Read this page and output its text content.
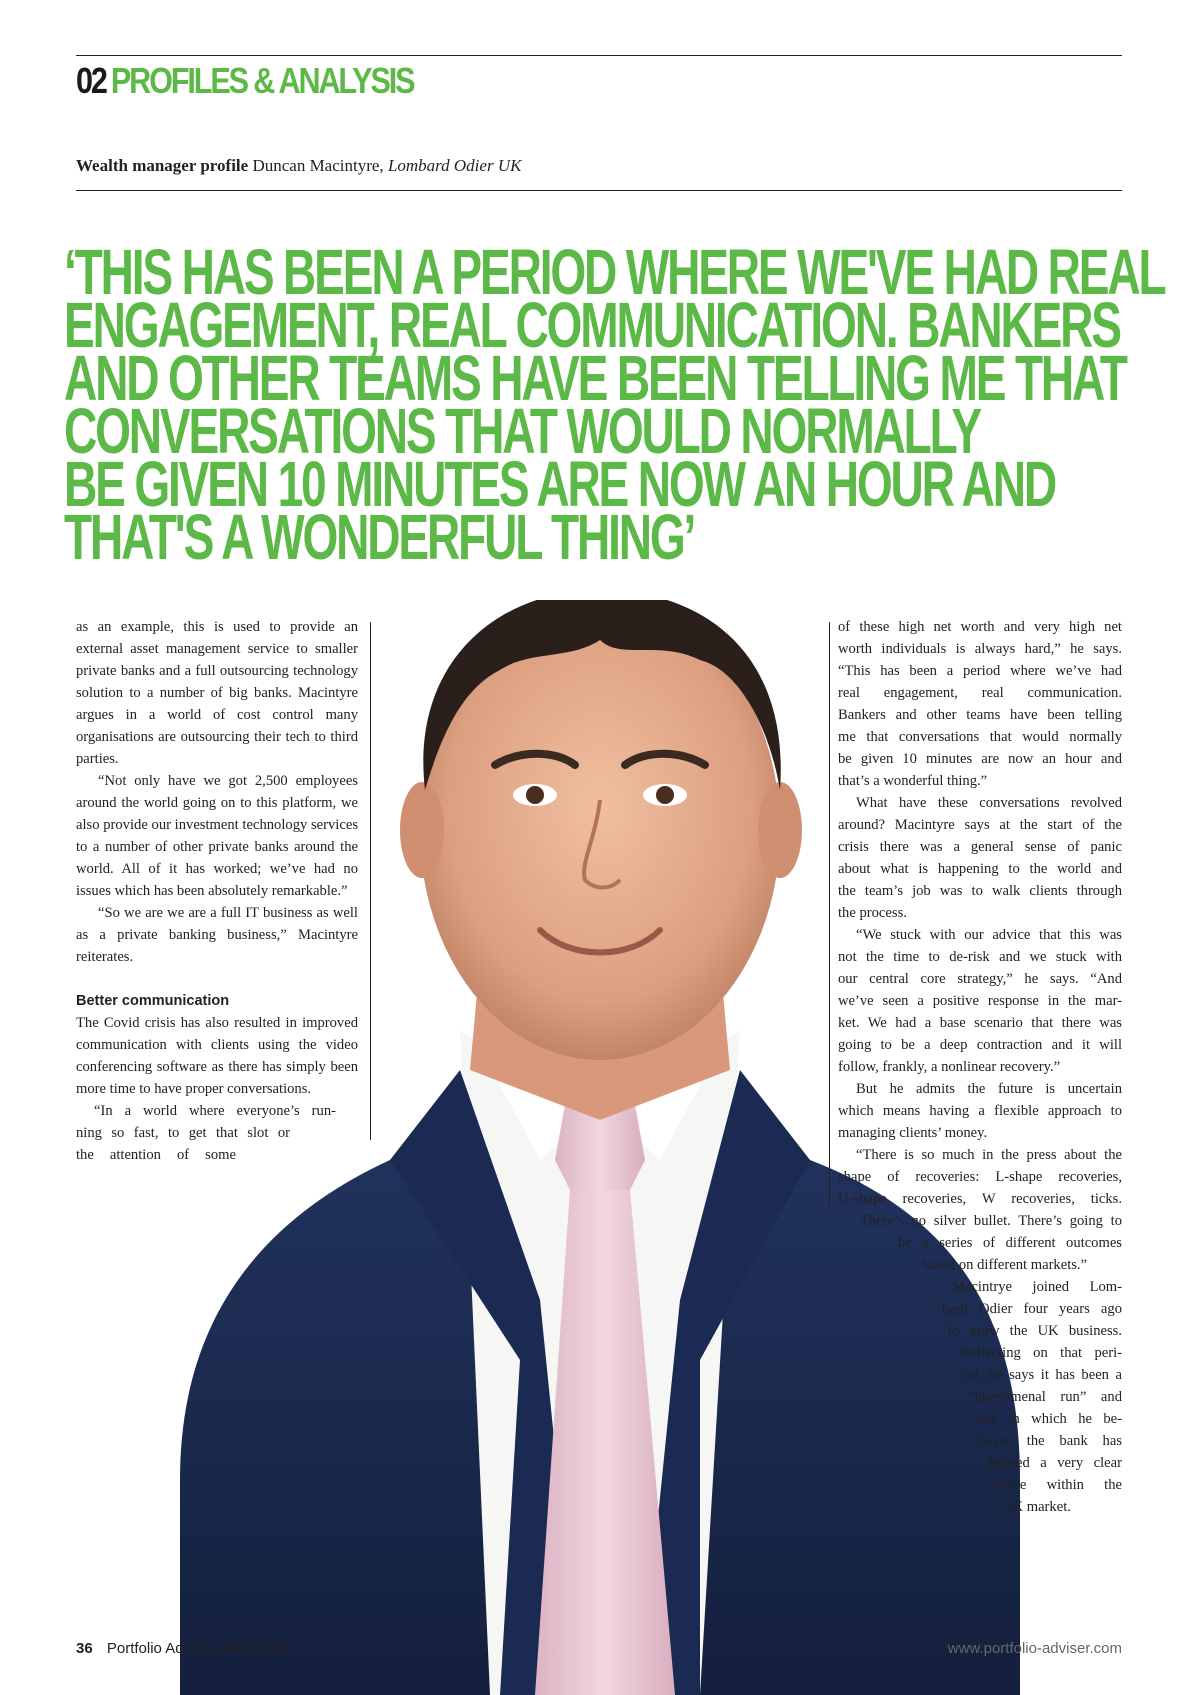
02 PROFILES & ANALYSIS
Wealth manager profile Duncan Macintyre, Lombard Odier UK
‘THIS HAS BEEN A PERIOD WHERE WE'VE HAD REAL
ENGAGEMENT, REAL COMMUNICATION. BANKERS
AND OTHER TEAMS HAVE BEEN TELLING ME THAT
CONVERSATIONS THAT WOULD NORMALLY
BE GIVEN 10 MINUTES ARE NOW AN HOUR AND
THAT'S A WONDERFUL THING’

as an example, this is used to provide an external asset management service to smaller private banks and a full outsourcing technology solution to a number of big banks. Macintyre argues in a world of cost control many organisations are outsourcing their tech to third parties.

“Not only have we got 2,500 employees around the world going on to this platform, we also provide our investment technology services to a number of other private banks around the world. All of it has worked; we’ve had no issues which has been absolutely remarkable.”

“So we are we are a full IT business as well as a private banking business,” Macintyre reiterates.

Better communication

The Covid crisis has also resulted in improved communication with clients using the video conferencing software as there has simply been more time to have proper conversations.

“In a world where everyone’s run-
ning so fast, to get that slot or
the attention of some
of these high net worth and very high net
worth individuals is always hard,” he says.
“This has been a period where we’ve had
real engagement, real communication.
Bankers and other teams have been telling
me that conversations that would normally
be given 10 minutes are now an hour and
that’s a wonderful thing.”
What have these conversations revolved
around? Macintyre says at the start of the
crisis there was a general sense of panic
about what is happening to the world and
the team’s job was to walk clients through
the process.
“We stuck with our advice that this was
not the time to de-risk and we stuck with
our central core strategy,” he says. “And
we’ve seen a positive response in the mar-
ket. We had a base scenario that there was
going to be a deep contraction and it will
follow, frankly, a nonlinear recovery.”
But he admits the future is uncertain
which means having a flexible approach to
managing clients’ money.
“There is so much in the press about the
shape of recoveries: L-shape recoveries,
U-shape recoveries, W recoveries, ticks.
There’s no silver bullet. There’s going to
be a series of different outcomes
based on different markets.”
Macintrye joined Lom-
bard Odier four years ago
to grow the UK business.
Reflecting on that peri-
od, he says it has been a
“phenomenal run” and
one in which he be-
lieves the bank has
defined a very clear
space within the
UK market.
36 Portfolio Adviser June 2020	www.portfolio-adviser.com
